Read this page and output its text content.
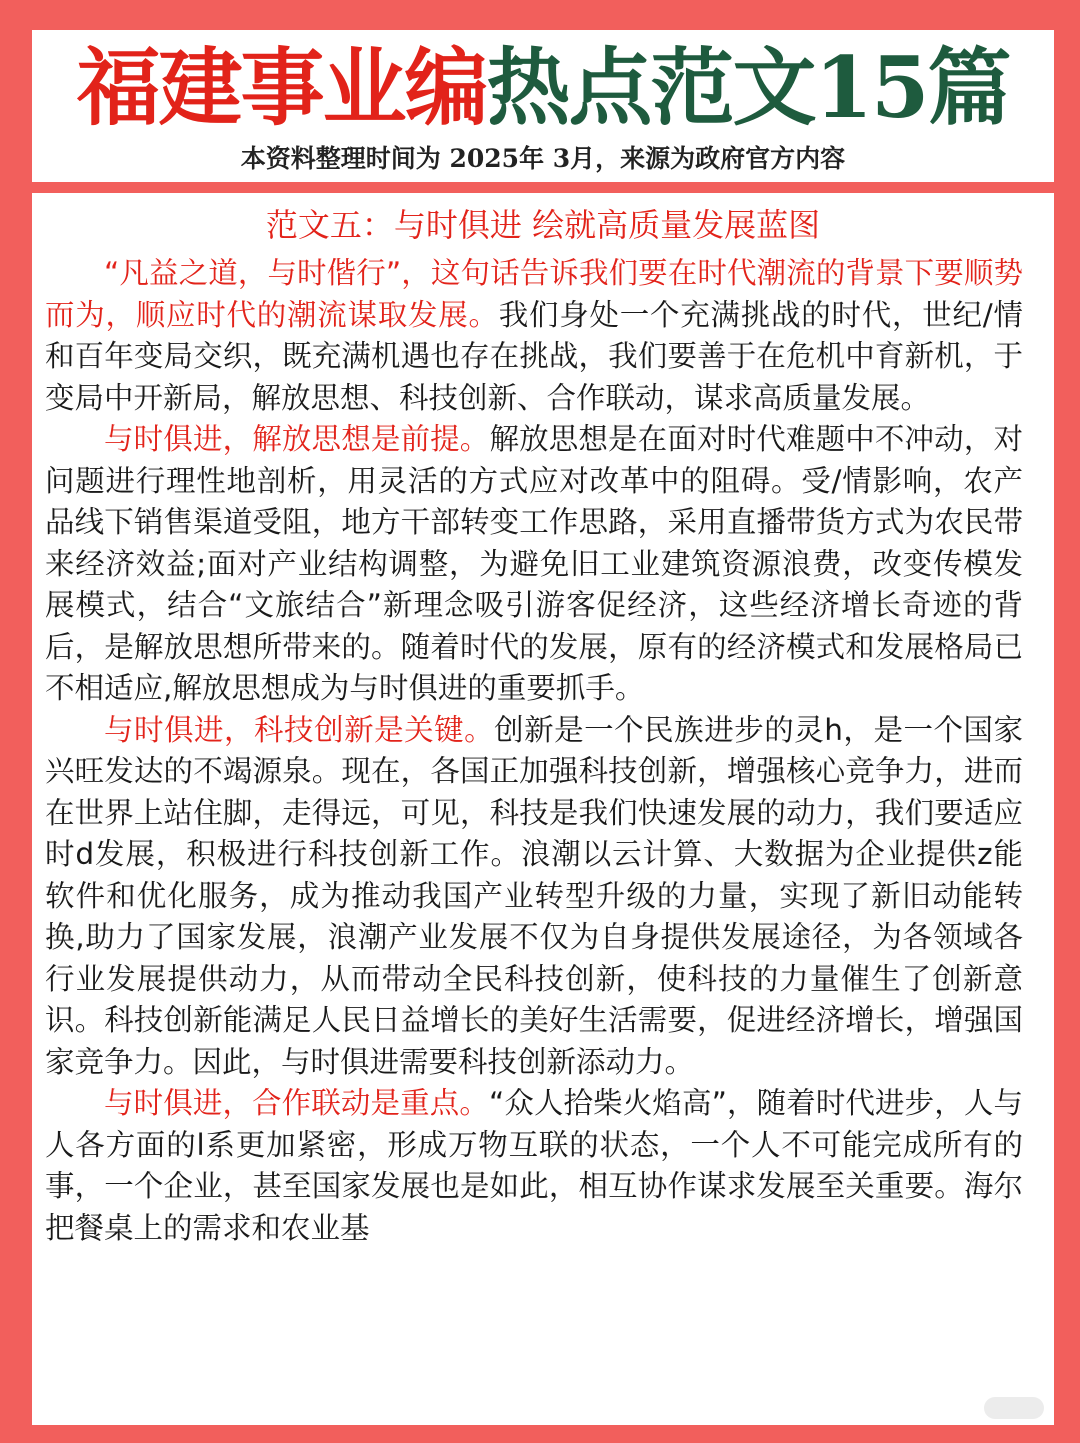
福建事业编热点范文15篇
本资料整理时间为 2025年 3月，来源为政府官方内容
范文五：与时俱进 绘就高质量发展蓝图

“凡益之道，与时偕行”，这句话告诉我们要在时代潮流的背景下要顺势而为，顺应时代的潮流谋取发展。我们身处一个充满挑战的时代，世纪/情和百年变局交织，既充满机遇也存在挑战，我们要善于在危机中育新机，于变局中开新局，解放思想、科技创新、合作联动，谋求高质量发展。

与时俱进，解放思想是前提。解放思想是在面对时代难题中不冲动，对问题进行理性地剖析，用灵活的方式应对改革中的阻碍。受/情影响，农产品线下销售渠道受阻，地方干部转变工作思路，采用直播带货方式为农民带来经济效益;面对产业结构调整，为避免旧工业建筑资源浪费，改变传模发展模式，结合“文旅结合”新理念吸引游客促经济，这些经济增长奇迹的背后，是解放思想所带来的。随着时代的发展，原有的经济模式和发展格局已不相适应,解放思想成为与时俱进的重要抓手。

与时俱进，科技创新是关键。创新是一个民族进步的灵h，是一个国家兴旺发达的不竭源泉。现在，各国正加强科技创新，增强核心竞争力，进而在世界上站住脚，走得远，可见，科技是我们快速发展的动力，我们要适应时d发展，积极进行科技创新工作。浪潮以云计算、大数据为企业提供z能软件和优化服务，成为推动我国产业转型升级的力量，实现了新旧动能转换,助力了国家发展，浪潮产业发展不仅为自身提供发展途径，为各领域各行业发展提供动力，从而带动全民科技创新，使科技的力量催生了创新意识。科技创新能满足人民日益增长的美好生活需要，促进经济增长，增强国家竞争力。因此，与时俱进需要科技创新添动力。

与时俱进，合作联动是重点。“众人拾柴火焰高”，随着时代进步，人与人各方面的l系更加紧密，形成万物互联的状态，一个人不可能完成所有的事，一个企业，甚至国家发展也是如此，相互协作谋求发展至关重要。海尔把餐桌上的需求和农业基
